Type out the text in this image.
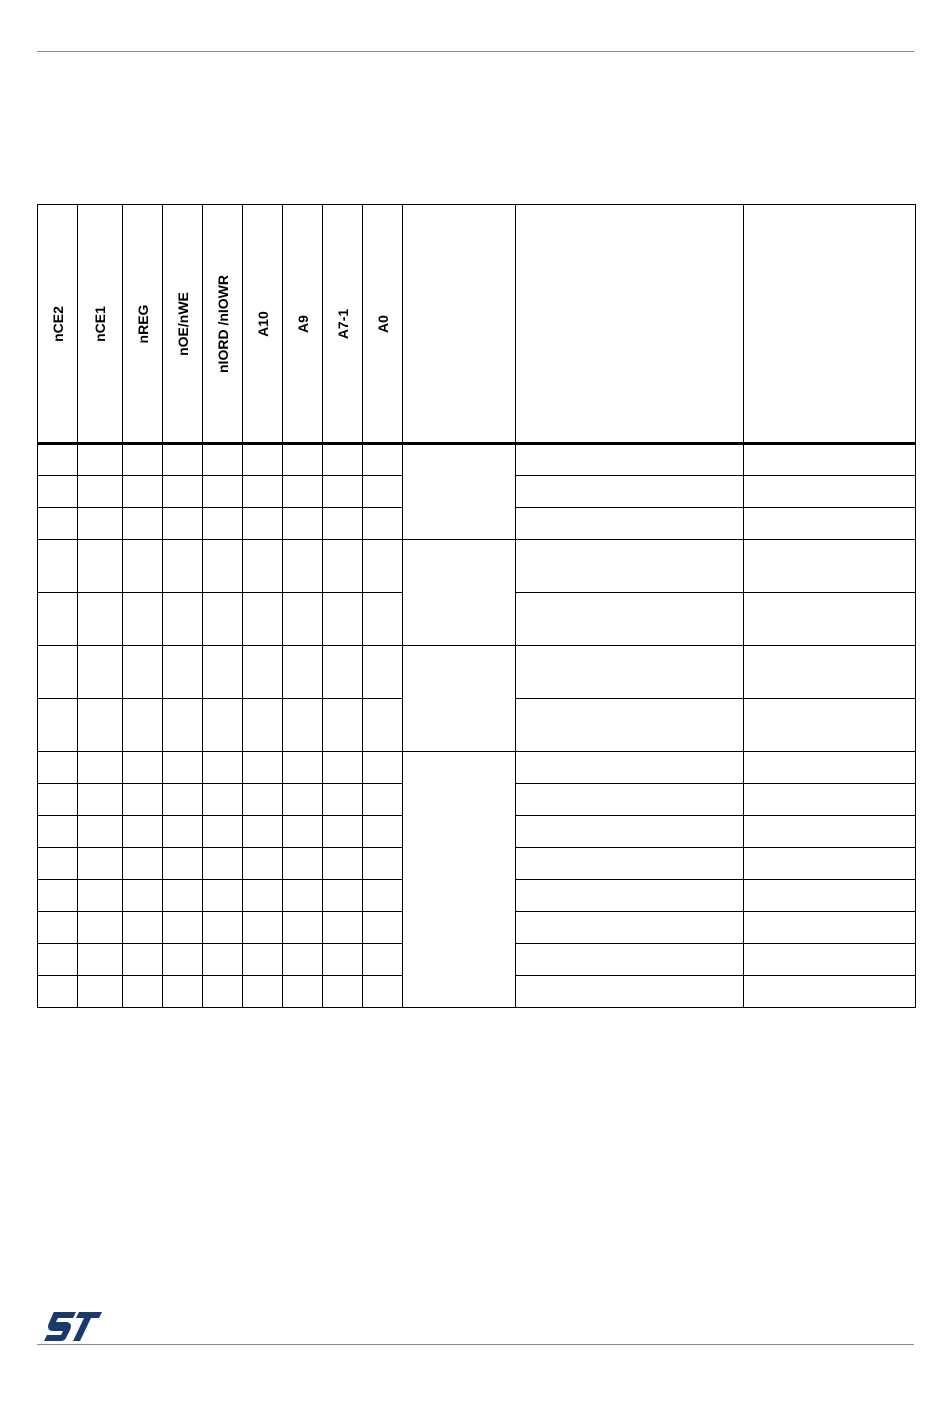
nCE2	nCE1	nREG	nOE/nWE	nIORD /nIOWR	A10	A9	A7-1	A0			
